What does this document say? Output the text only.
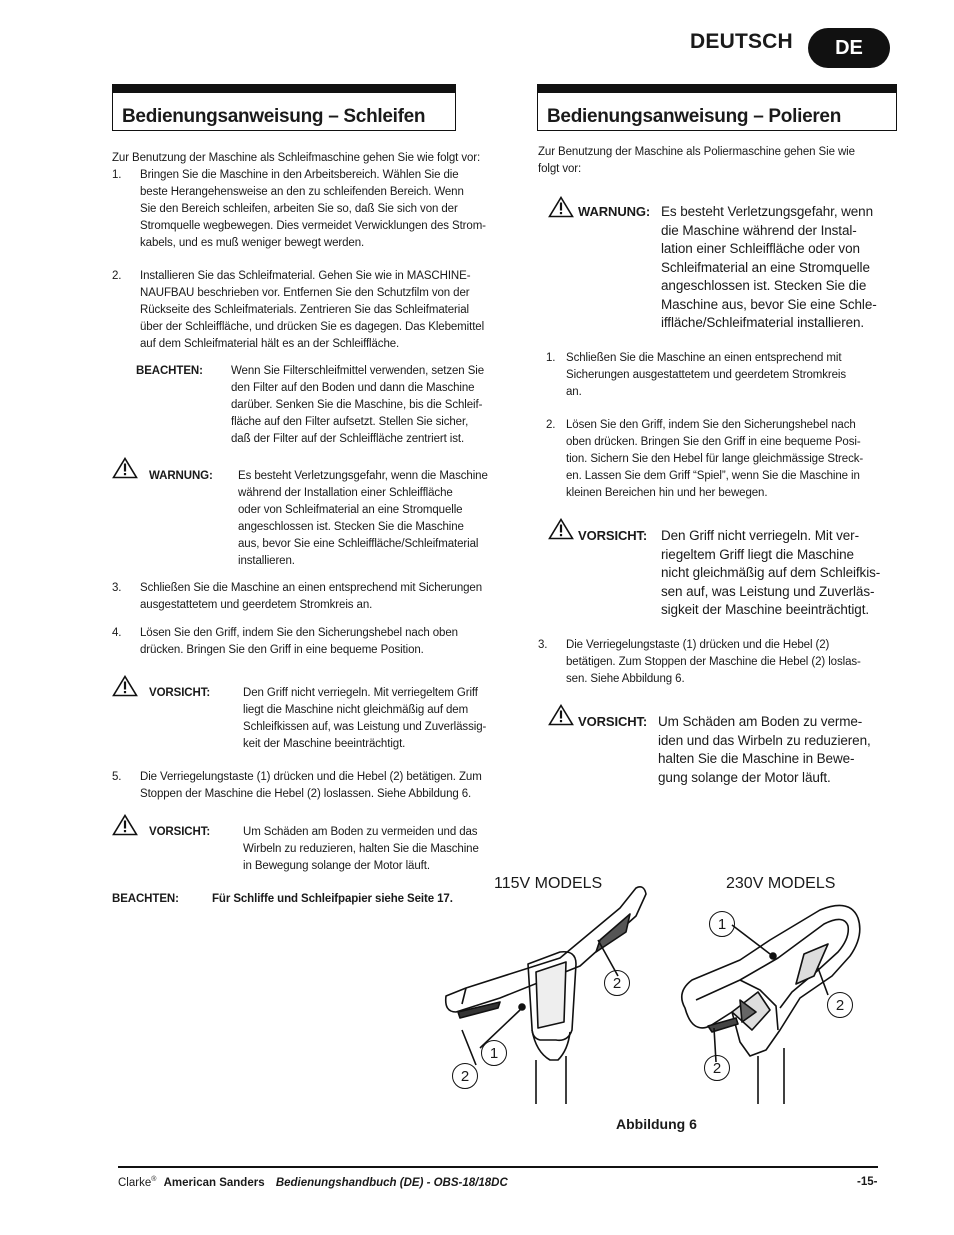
DEUTSCH	DE
Bedienungsanweisung – Schleifen
Zur Benutzung der Maschine als Schleifmaschine gehen Sie wie folgt vor:
1. Bringen Sie die Maschine in den Arbeitsbereich. Wählen Sie die
beste Herangehensweise an den zu schleifenden Bereich. Wenn
Sie den Bereich schleifen, arbeiten Sie so, daß Sie sich von der
Stromquelle wegbewegen. Dies vermeidet Verwicklungen des Strom-
kabels, und es muß weniger bewegt werden.
2. Installieren Sie das Schleifmaterial. Gehen Sie wie in MASCHINE-
NAUFBAU beschrieben vor. Entfernen Sie den Schutzfilm von der
Rückseite des Schleifmaterials. Zentrieren Sie das Schleifmaterial
über der Schleiffläche, und drücken Sie es dagegen. Das Klebemittel
auf dem Schleifmaterial hält es an der Schleiffläche.
BEACHTEN: Wenn Sie Filterschleifmittel verwenden, setzen Sie
den Filter auf den Boden und dann die Maschine
darüber. Senken Sie die Maschine, bis die Schleif-
fläche auf den Filter aufsetzt. Stellen Sie sicher,
daß der Filter auf der Schleiffläche zentriert ist.
WARNUNG: Es besteht Verletzungsgefahr, wenn die Maschine
während der Installation einer Schleiffläche
oder von Schleifmaterial an eine Stromquelle
angeschlossen ist. Stecken Sie die Maschine
aus, bevor Sie eine Schleiffläche/Schleifmaterial
installieren.
3. Schließen Sie die Maschine an einen entsprechend mit Sicherungen
ausgestattetem und geerdetem Stromkreis an.
4. Lösen Sie den Griff, indem Sie den Sicherungshebel nach oben
drücken. Bringen Sie den Griff in eine bequeme Position.
VORSICHT:	Den Griff nicht verriegeln. Mit verriegeltem Griff
liegt die Maschine nicht gleichmäßig auf dem
Schleifkissen auf, was Leistung und Zuverlässig-
keit der Maschine beeinträchtigt.
5. Die Verriegelungstaste (1) drücken und die Hebel (2) betätigen. Zum
Stoppen der Maschine die Hebel (2) loslassen. Siehe Abbildung 6.
VORSICHT:	Um Schäden am Boden zu vermeiden und das
Wirbeln zu reduzieren, halten Sie die Maschine
in Bewegung solange der Motor läuft.
BEACHTEN:	Für Schliffe und Schleifpapier siehe Seite 17.
Bedienungsanweisung – Polieren
Zur Benutzung der Maschine als Poliermaschine gehen Sie wie
folgt vor:
WARNUNG: Es besteht Verletzungsgefahr, wenn
die Maschine während der Instal-
lation einer Schleiffläche oder von
Schleifmaterial an eine Stromquelle
angeschlossen ist. Stecken Sie die
Maschine aus, bevor Sie eine Schle-
iffläche/Schleifmaterial installieren.
1. Schließen Sie die Maschine an einen entsprechend mit
Sicherungen ausgestattetem und geerdetem Stromkreis
an.
2. Lösen Sie den Griff, indem Sie den Sicherungshebel nach
oben drücken. Bringen Sie den Griff in eine bequeme Posi-
tion. Sichern Sie den Hebel für lange gleichmässige Streck-
en. Lassen Sie dem Griff “Spiel”, wenn Sie die Maschine in
kleinen Bereichen hin und her bewegen.
VORSICHT: Den Griff nicht verriegeln. Mit ver-
riegeltem Griff liegt die Maschine
nicht gleichmäßig auf dem Schleifkis-
sen auf, was Leistung und Zuverläs-
sigkeit der Maschine beeinträchtigt.
3. Die Verriegelungstaste (1) drücken und die Hebel (2)
betätigen. Zum Stoppen der Maschine die Hebel (2) loslas-
sen. Siehe Abbildung 6.
VORSICHT: Um Schäden am Boden zu verme-
iden und das Wirbeln zu reduzieren,
halten Sie die Maschine in Bewe-
gung solange der Motor läuft.
115V MODELS	230V MODELS
2
1
2
1
2
2
Abbildung 6
Clarke® American Sanders Bedienungshandbuch (DE) - OBS-18/18DC	-15-
